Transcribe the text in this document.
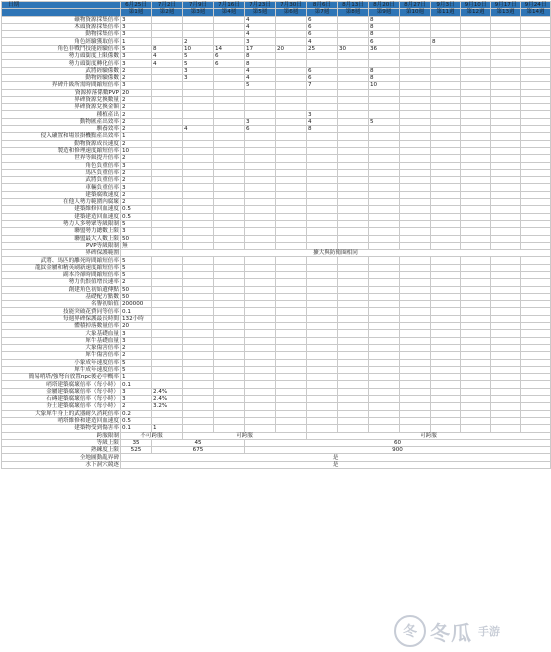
日期	6月25日	7月2日	7月9日	7月16日	7月23日	7月30日	8月6日	8月13日	8月20日	8月27日	9月3日	9月10日	9月17日	9月24日
	第1週	第2週	第3週	第4週	第5週	第6週	第7週	第8週	第9週	第10週	第11週	第12週	第13週	第14週
礦物資源採集倍率	3				4		6		8					
木頭資源採集倍率	3				4		6		8					
動物採集倍率	3				4		6		8					
角色經驗獲取倍率	1		2		3		4		6		8			
角色非戰鬥技能經驗倍率	5	8	10	14	17	20	25	30	36					
勢力頭銜度上限係數	3	4	5	6	8									
勢力頭銜度轉化倍率	3	4	5	6	8									
武將經驗係數	2		3		4		6		8					
動物經驗係數	2		3		4		6		8					
界碑升級所需時間縮短倍率	3				5		7		10					
資源掉落係數PVP	20													
界碑資源兌換數量	2													
界碑資源兌換金額	2													
種植產出	2						3							
動物匯產出效率	2				3		4		5					
馴養效率	2		4		6		8							
侵入礦置和場景掛機點產出效率	1													
動物資源成長速度	2													
製造和修理速度縮短倍率	10													
世界等級提升倍率	2													
角色負重倍率	3													
馬匹負重倍率	2													
武將負重倍率	2													
車輛負重倍率	3													
建築腐敗速度	2													
在他人勢力範圍內腐壞	2													
建築維修回血速度	0.5													
建築建造回血速度	0.5													
勢力人多勢眾等級限制	5													
聯盟勢力總數上限	3													
聯盟最大人數上限	50													
PVP等級限制	無													
界碑保護範圍	擴大與防衛圈相同													
武將、馬匹的離死時間縮短倍率	5													
龍紋金屬和精英刷新速度縮短倍率	5													
副本冷卻時間縮短倍率	5													
勢力仇恨值增長速率	2													
創建角色初始遺傳點	50													
基礎配方點數	50													
名譽初始值	200000													
技能突破花費同等倍率	0.1													
每週界碑保護最長時間	132小時													
體積掉落數量倍率	20													
大象基礎血量	3													
犀牛基礎血量	3													
大象傷害倍率	2													
犀牛傷害倍率	2													
小象成年速度倍率	5													
犀牛成年速度倍率	5													
簡易哨塔/強弩台放置npc後必中概率	1													
哨塔建築腐壞倍率（每小時）	0.1													
金屬建築腐壞倍率（每小時）	3	2.4%												
石磚建築腐壞倍率（每小時）	3	2.4%												
夯土建築腐壞倍率（每小時）	2	3.2%												
大象犀牛身上的武器耐久消耗倍率	0.2													
哨塔維修和建造回血速度	0.5													
建築物受到傷害率	0.1	1												
跨服限制	不可跨服		可跨服				可跨服							
等級上限	35	45			60									
熟練度上限	525	675			900									
全地圖動亂界碑	是													
水下洞穴競逐	是													
冬 冬瓜 手游
